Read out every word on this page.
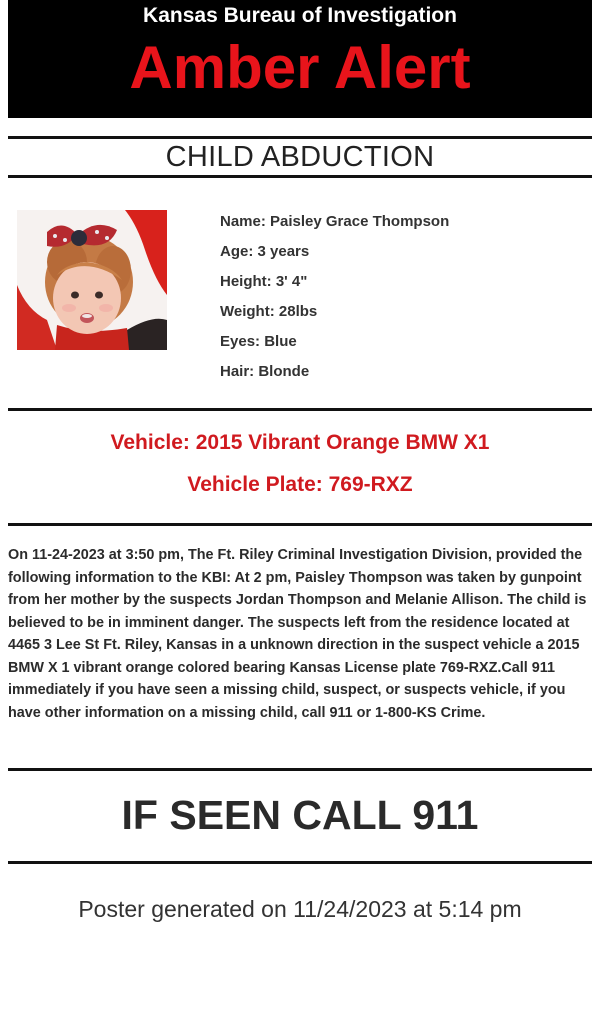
Kansas Bureau of Investigation
Amber Alert
CHILD ABDUCTION
Name: Paisley Grace Thompson
Age: 3 years
Height: 3' 4"
Weight: 28lbs
Eyes: Blue
Hair: Blonde
Vehicle: 2015 Vibrant Orange BMW X1
Vehicle Plate: 769-RXZ
On 11-24-2023 at 3:50 pm, The Ft. Riley Criminal Investigation Division, provided the following information to the KBI: At 2 pm, Paisley Thompson was taken by gunpoint from her mother by the suspects Jordan Thompson and Melanie Allison. The child is believed to be in imminent danger. The suspects left from the residence located at 4465 3 Lee St Ft. Riley, Kansas in a unknown direction in the suspect vehicle a 2015 BMW X 1 vibrant orange colored bearing Kansas License plate 769-RXZ.Call 911 immediately if you have seen a missing child, suspect, or suspects vehicle, if you have other information on a missing child, call 911 or 1-800-KS Crime.
IF SEEN CALL 911
Poster generated on 11/24/2023 at 5:14 pm
